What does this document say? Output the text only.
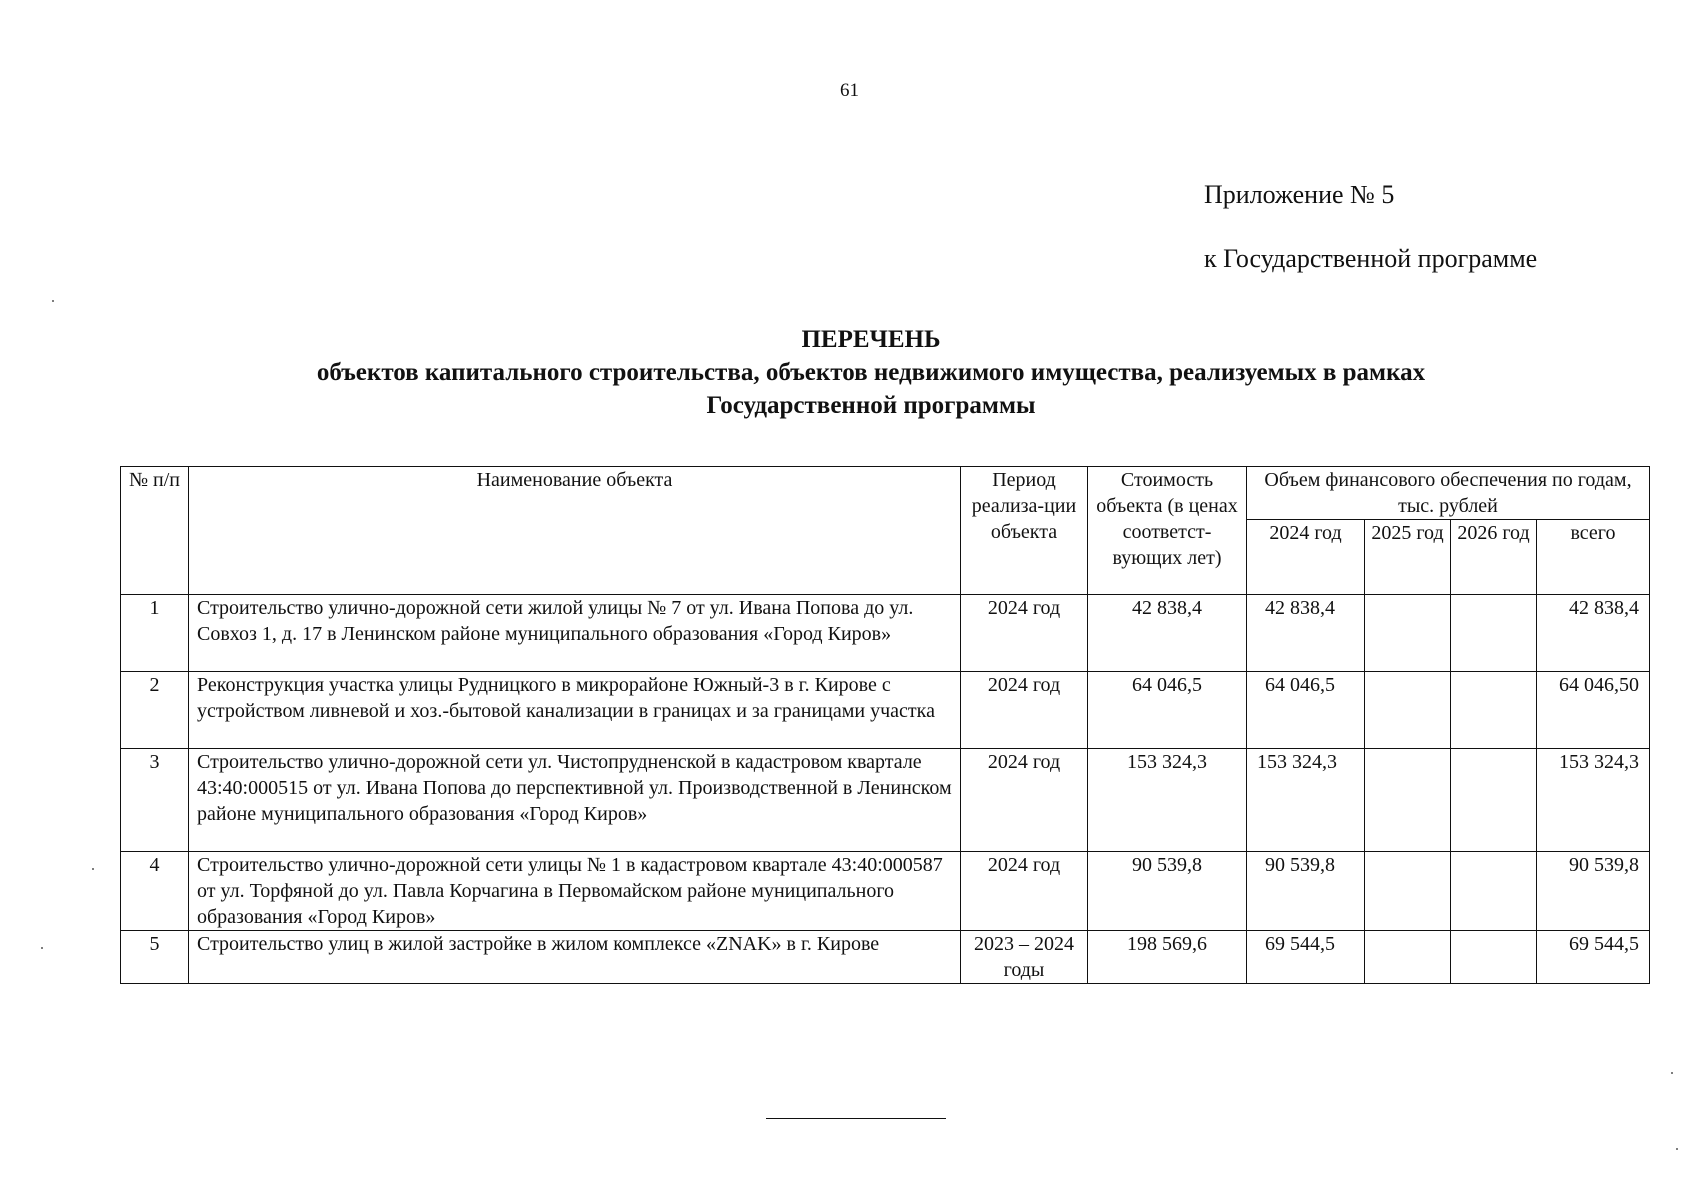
61
Приложение № 5
к Государственной программе
ПЕРЕЧЕНЬ
объектов капитального строительства, объектов недвижимого имущества, реализуемых в рамках
Государственной программы
№ п/п	Наименование объекта	Период реализа-ции объекта	Стоимость объекта (в ценах соответст-вующих лет)	Объем финансового обеспечения по годам, тыс. рублей			
				2024 год	2025 год	2026 год	всего
1	Строительство улично-дорожной сети жилой улицы № 7 от ул. Ивана Попова до ул. Совхоз 1, д. 17 в Ленинском районе муниципального образования «Город Киров»	2024 год	42 838,4	42 838,4			42 838,4
2	Реконструкция участка улицы Рудницкого в микрорайоне Южный-3 в г. Кирове с устройством ливневой и хоз.-бытовой канализации в границах и за границами участка	2024 год	64 046,5	64 046,5			64 046,50
3	Строительство улично-дорожной сети ул. Чистопрудненской в кадастровом квартале 43:40:000515 от ул. Ивана Попова до перспективной ул. Производственной в Ленинском районе муниципального образования «Город Киров»	2024 год	153 324,3	153 324,3			153 324,3
4	Строительство улично-дорожной сети улицы № 1 в кадастровом квартале 43:40:000587 от ул. Торфяной до ул. Павла Корчагина в Первомайском районе муниципального образования «Город Киров»	2024 год	90 539,8	90 539,8			90 539,8
5	Строительство улиц в жилой застройке в жилом комплексе «ZNAK» в г. Кирове	2023 – 2024 годы	198 569,6	69 544,5			69 544,5
